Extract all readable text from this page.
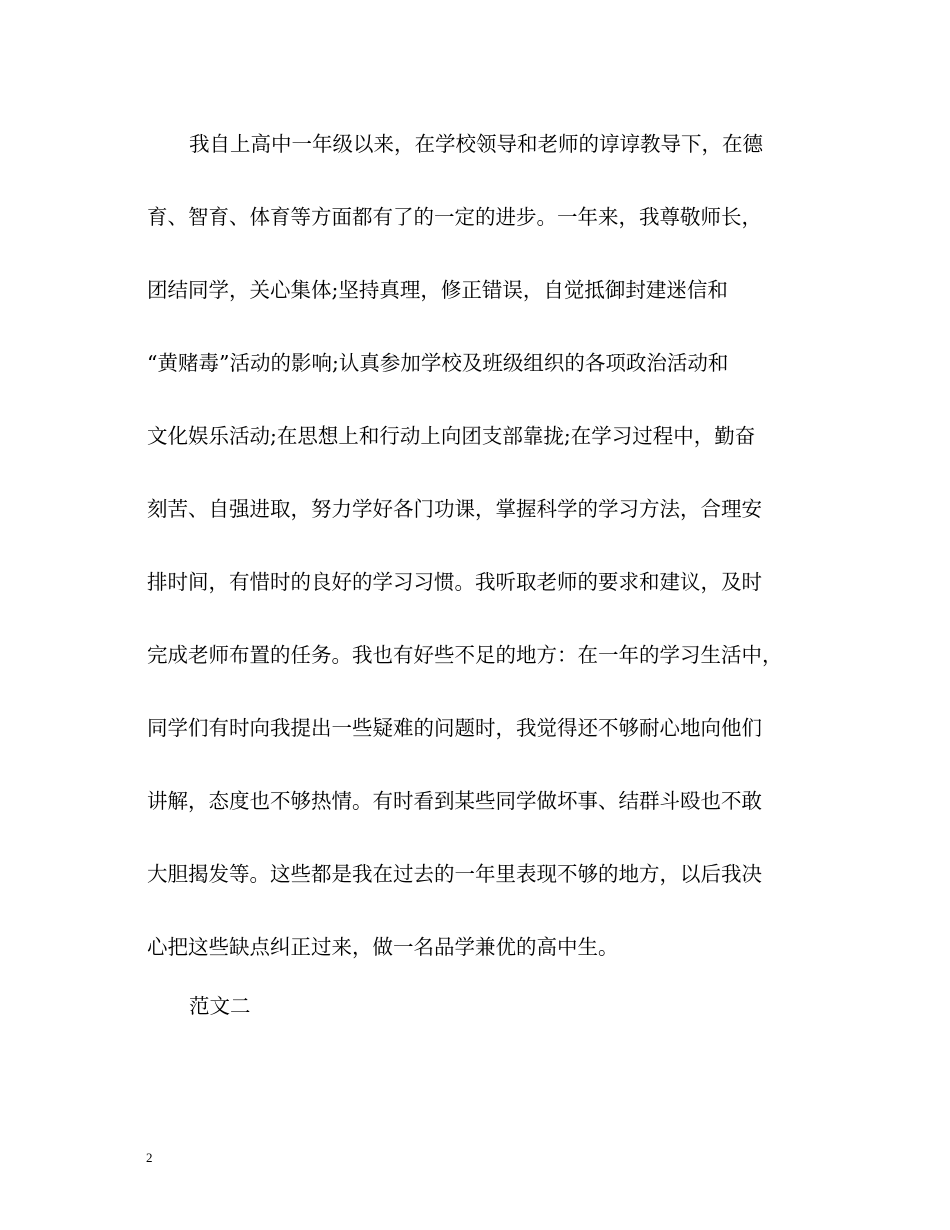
我自上高中一年级以来，在学校领导和老师的谆谆教导下，在德
育、智育、体育等方面都有了的一定的进步。一年来，我尊敬师长，
团结同学，关心集体;坚持真理，修正错误，自觉抵御封建迷信和
“黄赌毒”活动的影响;认真参加学校及班级组织的各项政治活动和
文化娱乐活动;在思想上和行动上向团支部靠拢;在学习过程中，勤奋
刻苦、自强进取，努力学好各门功课，掌握科学的学习方法，合理安
排时间，有惜时的良好的学习习惯。我听取老师的要求和建议，及时
完成老师布置的任务。我也有好些不足的地方：在一年的学习生活中，
同学们有时向我提出一些疑难的问题时，我觉得还不够耐心地向他们
讲解，态度也不够热情。有时看到某些同学做坏事、结群斗殴也不敢
大胆揭发等。这些都是我在过去的一年里表现不够的地方，以后我决
心把这些缺点纠正过来，做一名品学兼优的高中生。
范文二
2
